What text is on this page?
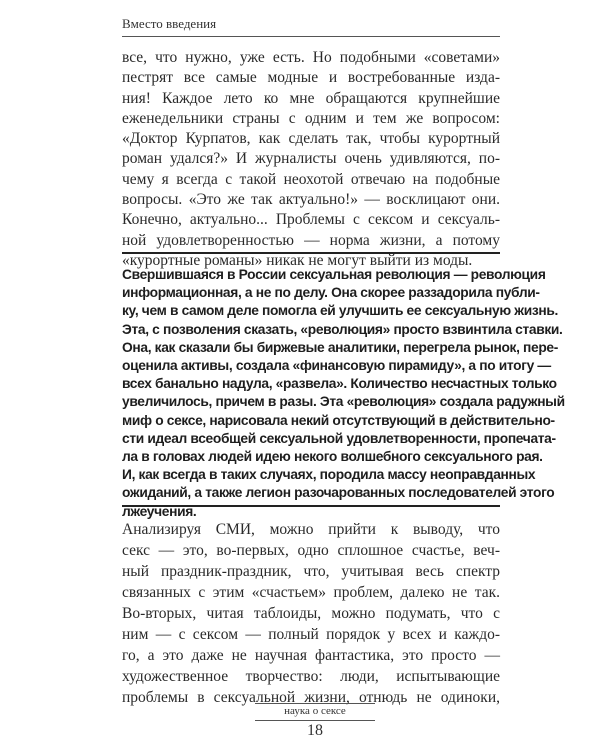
Вместо введения
все, что нужно, уже есть. Но подобными «советами»
пестрят все самые модные и востребованные изда-
ния! Каждое лето ко мне обращаются крупнейшие
еженедельники страны с одним и тем же вопросом:
«Доктор Курпатов, как сделать так, чтобы курортный
роман удался?» И журналисты очень удивляются, по-
чему я всегда с такой неохотой отвечаю на подобные
вопросы. «Это же так актуально!» — восклицают они.
Конечно, актуально... Проблемы с сексом и сексуаль-
ной удовлетворенностью — норма жизни, а потому
«курортные романы» никак не могут выйти из моды.
Свершившаяся в России сексуальная революция — революция
информационная, а не по делу. Она скорее раззадорила публи-
ку, чем в самом деле помогла ей улучшить ее сексуальную жизнь.
Эта, с позволения сказать, «революция» просто взвинтила ставки.
Она, как сказали бы биржевые аналитики, перегрела рынок, пере-
оценила активы, создала «финансовую пирамиду», а по итогу —
всех банально надула, «развела». Количество несчастных только
увеличилось, причем в разы. Эта «революция» создала радужный
миф о сексе, нарисовала некий отсутствующий в действительно-
сти идеал всеобщей сексуальной удовлетворенности, пропечата-
ла в головах людей идею некого волшебного сексуального рая.
И, как всегда в таких случаях, породила массу неоправданных
ожиданий, а также легион разочарованных последователей этого
лжеучения.
Анализируя СМИ, можно прийти к выводу, что
секс — это, во-первых, одно сплошное счастье, веч-
ный праздник-праздник, что, учитывая весь спектр
связанных с этим «счастьем» проблем, далеко не так.
Во-вторых, читая таблоиды, можно подумать, что с
ним — с сексом — полный порядок у всех и каждо-
го, а это даже не научная фантастика, это просто —
художественное творчество: люди, испытывающие
проблемы в сексуальной жизни, отнюдь не одиноки,
наука о сексе
18
